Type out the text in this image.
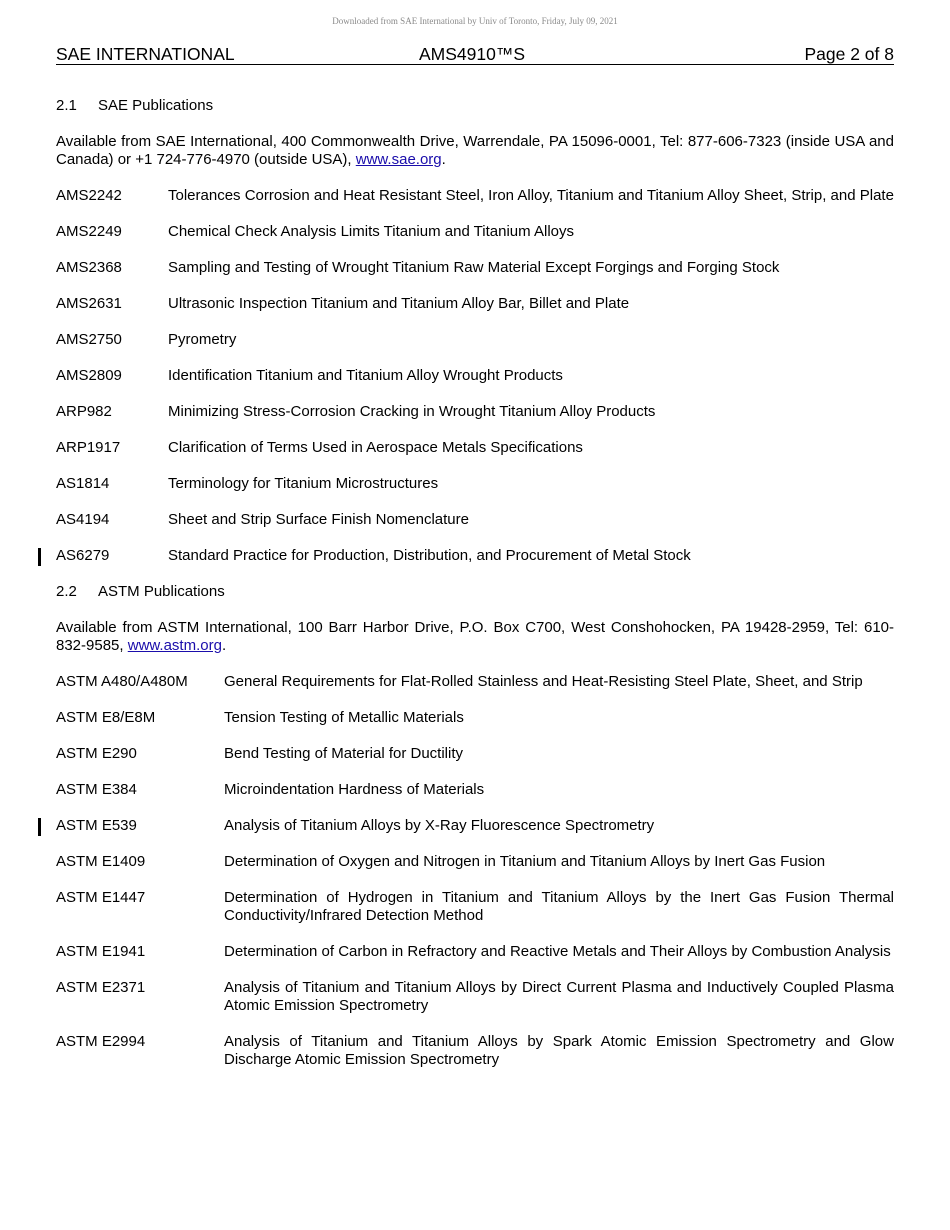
Downloaded from SAE International by Univ of Toronto, Friday, July 09, 2021
SAE INTERNATIONAL	AMS4910™S	Page 2 of 8
2.1	SAE Publications
Available from SAE International, 400 Commonwealth Drive, Warrendale, PA 15096-0001, Tel: 877-606-7323 (inside USA and Canada) or +1 724-776-4970 (outside USA), www.sae.org.
AMS2242	Tolerances Corrosion and Heat Resistant Steel, Iron Alloy, Titanium and Titanium Alloy Sheet, Strip, and Plate
AMS2249	Chemical Check Analysis Limits Titanium and Titanium Alloys
AMS2368	Sampling and Testing of Wrought Titanium Raw Material Except Forgings and Forging Stock
AMS2631	Ultrasonic Inspection Titanium and Titanium Alloy Bar, Billet and Plate
AMS2750	Pyrometry
AMS2809	Identification Titanium and Titanium Alloy Wrought Products
ARP982	Minimizing Stress-Corrosion Cracking in Wrought Titanium Alloy Products
ARP1917	Clarification of Terms Used in Aerospace Metals Specifications
AS1814	Terminology for Titanium Microstructures
AS4194	Sheet and Strip Surface Finish Nomenclature
AS6279	Standard Practice for Production, Distribution, and Procurement of Metal Stock
2.2	ASTM Publications
Available from ASTM International, 100 Barr Harbor Drive, P.O. Box C700, West Conshohocken, PA 19428-2959, Tel: 610-832-9585, www.astm.org.
ASTM A480/A480M	General Requirements for Flat-Rolled Stainless and Heat-Resisting Steel Plate, Sheet, and Strip
ASTM E8/E8M	Tension Testing of Metallic Materials
ASTM E290	Bend Testing of Material for Ductility
ASTM E384	Microindentation Hardness of Materials
ASTM E539	Analysis of Titanium Alloys by X-Ray Fluorescence Spectrometry
ASTM E1409	Determination of Oxygen and Nitrogen in Titanium and Titanium Alloys by Inert Gas Fusion
ASTM E1447	Determination of Hydrogen in Titanium and Titanium Alloys by the Inert Gas Fusion Thermal Conductivity/Infrared Detection Method
ASTM E1941	Determination of Carbon in Refractory and Reactive Metals and Their Alloys by Combustion Analysis
ASTM E2371	Analysis of Titanium and Titanium Alloys by Direct Current Plasma and Inductively Coupled Plasma Atomic Emission Spectrometry
ASTM E2994	Analysis of Titanium and Titanium Alloys by Spark Atomic Emission Spectrometry and Glow Discharge Atomic Emission Spectrometry
